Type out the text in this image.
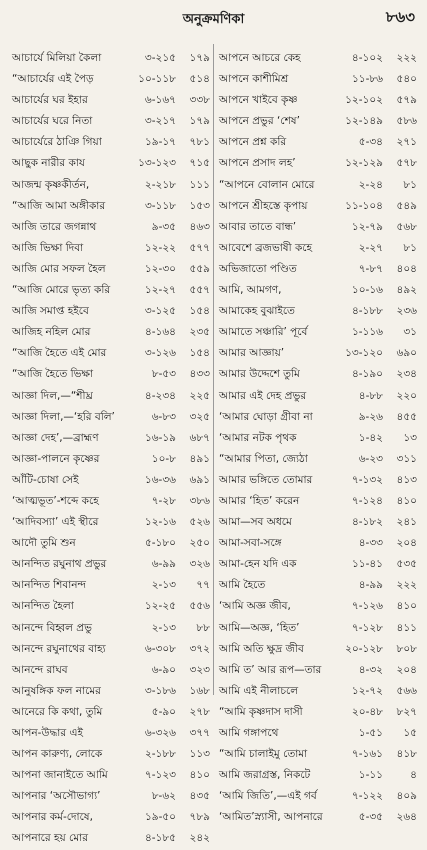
অনুক্রমণিকা	৮৬৩
আচার্যে মিলিয়া কৈলা	৩-২১৫	১৭৯
“আচার্যের এই পৈড়	১০-১১৮	৫১৪
আচার্যের ঘর ইহার	৬-১৬৭	৩৩৮
আচার্যের ঘরে নিতা	৩-২১৭	১৭৯
আচার্যেরে ঠাঞি গিয়া	১৯-১৭	৭৮১
আছুক নারীর কায	১৩-১২৩	৭১৫
আজন্ম কৃষ্ণকীর্তন,	২-২১৮	১১১
“আজি আমা অঙ্গীকার	৩-১১৮	১৫৩
আজি তারে জগন্নাথ	৯-৩৫	৪৬৩
আজি ভিক্ষা দিবা	১২-২২	৫৭৭
আজি মোর সফল হৈল	১২-৩০	৫৫৯
“আজি মোরে ভৃত্য করি	১২-২৭	৫৫৭
আজি সমাপ্ত হইবে	৩-১২৫	১৫৪
আজিহ নহিল মোর	৪-১৬৪	২৩৫
“আজি হৈতে এই মোর	৩-১২৬	১৫৪
“আজি হৈতে ভিক্ষা	৮-৫৩	৪৩৩
আজ্ঞা দিল,—“শীঘ্র	৪-২৩৪	২২৫
আজ্ঞা দিলা,—‘হরি বলি’	৬-৮৩	৩২৫
আজ্ঞা দেহ’,—ব্রাহ্মণ	১৬-১৯	৬৮৭
আজ্ঞা-পালনে কৃষ্ণের	১০-৮	৪৯১
আঁটি-চোষা সেই	১৬-৩৬	৬৯১
‘আত্মভূত’-শব্দে কহে	৭-২৮	৩৮৬
‘আদিবস্যা’ এই স্থীরে	১২-১৬	৫২৬
আদৌ তুমি শুন	৫-১৮০	২৫০
আনন্দিত রঘুনাথ প্রভুর	৬-৯৯	৩২৬
আনন্দিত শিবানন্দ	২-১৩	৭৭
আনন্দিত হৈলা	১২-২৫	৫৫৬
আনন্দে বিহ্বল প্রভু	২-১৩	৮৮
আনন্দে রঘুনাথের বাহ্য	৬-৩০৮	৩৭২
আনন্দে রাঘব	৬-৯০	৩২৩
আনুষঙ্গিক ফল নামের	৩-১৮৬	১৬৮
আনেরে কি কথা, তুমি	৫-৯০	২৭৮
আপন-উদ্ধার এই	৬-৩২৬	৩৭৭
আপন কারুণ্য, লোকে	২-১৮৮	১১৩
আপনা জানাইতে আমি	৭-১২৩	৪১০
আপনার ‘অসৌভাগ্য’	৮-৬২	৪৩৫
আপনার কর্ম-দোষে,	১৯-৫০	৭৮৯
আপনারে হয় মোর	৪-১৮৫	২৪২
আপনে আচরে কেহ	৪-১০২	২২২
আপনে কাশীমিশ্র	১১-৮৬	৫৪০
আপনে খাইবে কৃষ্ণ	১২-১০২	৫৭৯
আপনে প্রভুর ‘শেষ’	১২-১৪৯	৫৮৬
আপনে প্রশ্ন করি	৫-৩৪	২৭১
আপনে প্রসাদ লহ’	১২-১২৯	৫৭৮
“আপনে বোলান মোরে	২-২৪	৮১
আপনে শ্রীহস্তে কৃপায়	১১-১০৪	৫৪৯
আবার তাতে বান্ধ’	১২-৭৯	৫৬৮
আবেশে ব্রজভাষী কহে	২-২৭	৮১
অভিজাতো পণ্ডিত	৭-৮৭	৪০৪
আমি, আমগণ,	১০-১৬	৪৯২
আমাকেহ বুঝাইতে	৪-১৮৮	২৩৬
আমাতে সঞ্চারি’ পূর্বে	১-১১৬	৩১
আমার আজ্ঞায়’	১৩-১২০	৬৯০
আমার উদ্দেশে তুমি	৪-১৯০	২৩৪
আমার এই দেহ প্রভুর	৪-৮৮	২২০
‘আমার ঘোড়া গ্রীবা না	৯-২৬	৪৫৫
‘আমার নটক পৃথক	১-৪২	১৩
“আমার পিতা, জ্যেঠা	৬-২৩	৩১১
আমার ভঙ্গিতে তোমার	৭-১৩২	৪১৩
আমার ‘হিত’ করেন	৭-১২৪	৪১০
আমা—সব অধমে	৪-১৮২	২৪১
আমা-সবা-সঙ্গে	৪-৩৩	২০৪
আমা-হেন যদি এক	১১-৪১	৫৩৫
আমি হৈতে	৪-৯৯	২২২
‘আমি অজ্ঞ জীব,	৭-১২৬	৪১০
আমি—অজ্ঞ, ‘হিত’	৭-১২৮	৪১১
আমি অতি ক্ষুদ্র জীব	২০-১২৮	৮০৮
আমি ত’ আর রূপ—তার	৪-৩২	২০৪
আমি এই নীলাচলে	১২-৭২	৫৬৬
“আমি কৃষ্ণদাস দাসী	২০-৪৮	৮২৭
আমি গঙ্গাপথে	১-৫১	১৫
“আমি চালাইমু তোমা	৭-১৬১	৪১৮
আমি জরাগ্রস্ত, নিকটে	১-১১	৪
‘আমি জিতি’,—এই গর্ব	৭-১২২	৪০৯
‘আমিত’স্ন্যাসী, আপনারে	৫-৩৫	২৬৪
